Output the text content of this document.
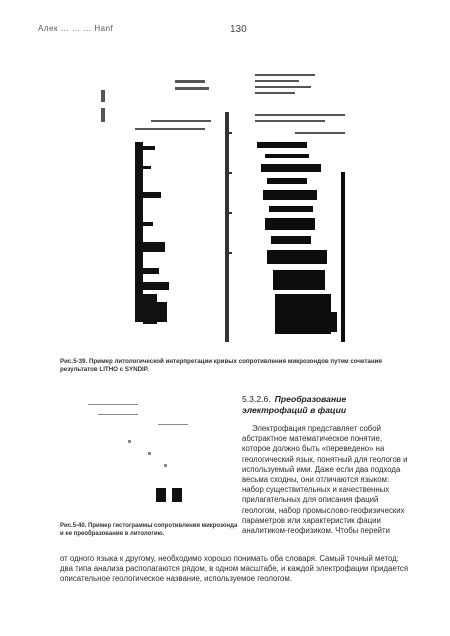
Алек … … … Hanf	130
Рис.5-39. Пример литологической интерпретации кривых сопротивления микрозондов путем сочетания результатов LITHO с SYNDIP.
Рис.5-40. Пример гистограммы сопротивления микрозонда и ее преобразования в литологию.
5.3.2.6. Преобразование электрофаций в фации

Электрофация представляет собой абстрактное математическое понятие, которое должно быть «переведено» на геологический язык, понятный для геологов и используемый ими. Даже если два подхода весьма сходны, они отличаются языком: набор существительных и качественных прилагательных для описания фаций геологом, набор промыслово-геофизических параметров или характеристик фации аналитиком-геофизиком. Чтобы перейти

от одного языка к другому, необходимо хорошо понимать оба словаря. Самый точный метод: два типа анализа располагаются рядом, в одном масштабе, и каждой электрофации придается описательное геологическое название, используемое геологом.
